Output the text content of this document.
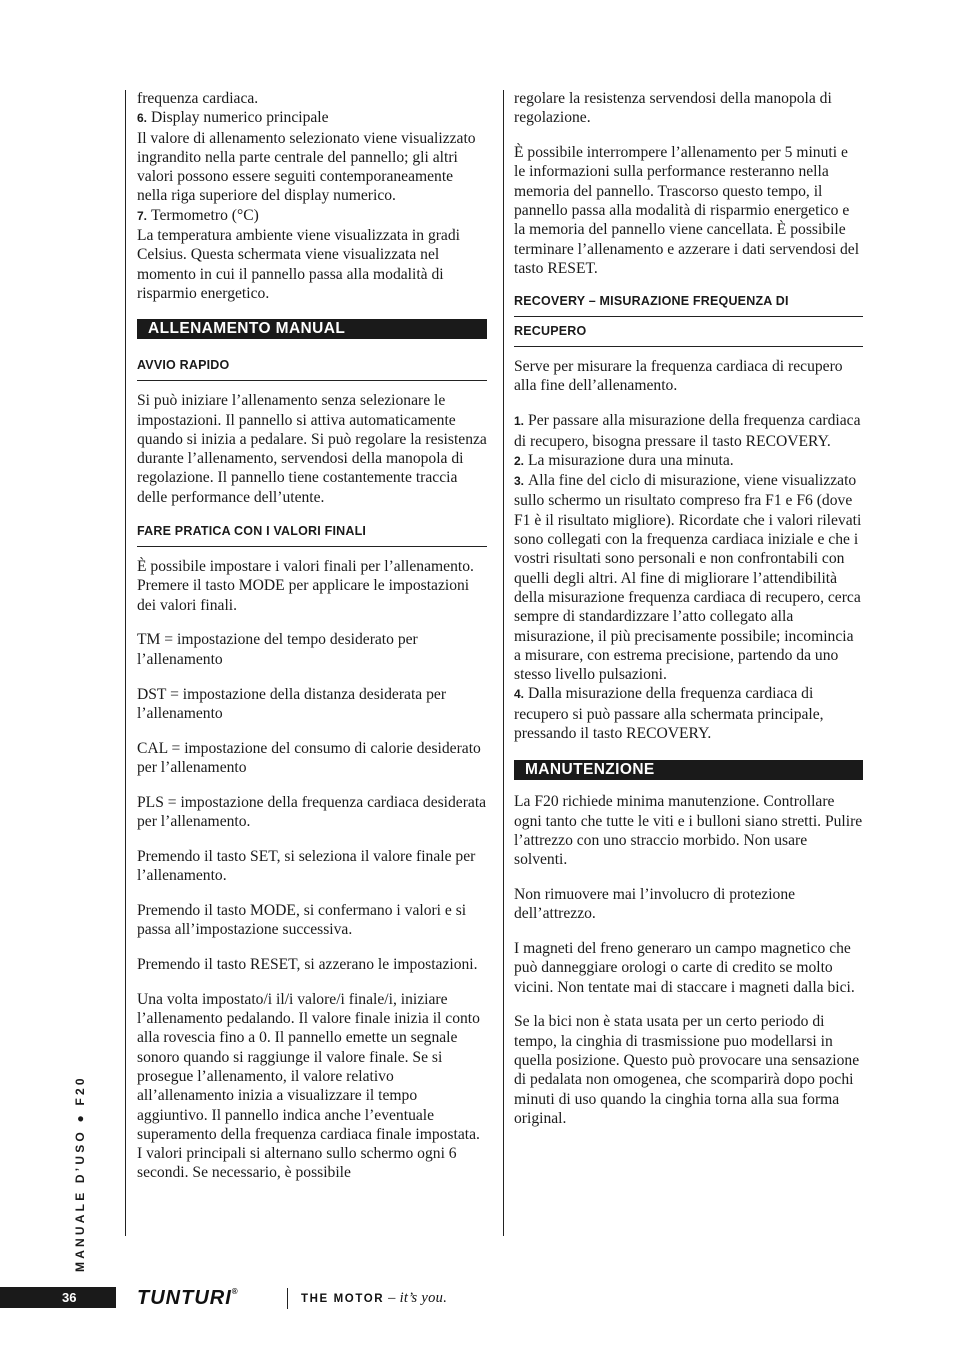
frequenza cardiaca.
6. Display numerico principale
Il valore di allenamento selezionato viene visualizzato ingrandito nella parte centrale del pannello; gli altri valori possono essere seguiti contemporaneamente nella riga superiore del display numerico.
7. Termometro (°C)
La temperatura ambiente viene visualizzata in gradi Celsius. Questa schermata viene visualizzata nel momento in cui il pannello passa alla modalità di risparmio energetico.
ALLENAMENTO MANUAL
AVVIO RAPIDO
Si può iniziare l’allenamento senza selezionare le impostazioni. Il pannello si attiva automaticamente quando si inizia a pedalare. Si può regolare la resistenza durante l’allenamento, servendosi della manopola di regolazione. Il pannello tiene costantemente traccia delle performance dell’utente.
FARE PRATICA CON I VALORI FINALI
È possibile impostare i valori finali per l’allenamento. Premere il tasto MODE per applicare le impostazioni dei valori finali.
TM = impostazione del tempo desiderato per l’allenamento
DST = impostazione della distanza desiderata per l’allenamento
CAL = impostazione del consumo di calorie desiderato per l’allenamento
PLS = impostazione della frequenza cardiaca desiderata per l’allenamento.
Premendo il tasto SET, si seleziona il valore finale per l’allenamento.
Premendo il tasto MODE, si confermano i valori e si passa all’impostazione successiva.
Premendo il tasto RESET, si azzerano le impostazioni.
Una volta impostato/i il/i valore/i finale/i, iniziare l’allenamento pedalando. Il valore finale inizia il conto alla rovescia fino a 0. Il pannello emette un segnale sonoro quando si raggiunge il valore finale. Se si prosegue l’allenamento, il valore relativo all’allenamento inizia a visualizzare il tempo aggiuntivo. Il pannello indica anche l’eventuale superamento della frequenza cardiaca finale impostata. I valori principali si alternano sullo schermo ogni 6 secondi. Se necessario, è possibile
regolare la resistenza servendosi della manopola di regolazione.
È possibile interrompere l’allenamento per 5 minuti e le informazioni sulla performance resteranno nella memoria del pannello. Trascorso questo tempo, il pannello passa alla modalità di risparmio energetico e la memoria del pannello viene cancellata. È possibile terminare l’allenamento e azzerare i dati servendosi del tasto RESET.
RECOVERY – MISURAZIONE FREQUENZA DI
RECUPERO
Serve per misurare la frequenza cardiaca di recupero alla fine dell’allenamento.
1. Per passare alla misurazione della frequenza cardiaca di recupero, bisogna pressare il tasto RECOVERY.
2. La misurazione dura una minuta.
3. Alla fine del ciclo di misurazione, viene visualizzato sullo schermo un risultato compreso fra F1 e F6 (dove F1 è il risultato migliore). Ricordate che i valori rilevati sono collegati con la frequenza cardiaca iniziale e che i vostri risultati sono personali e non confrontabili con quelli degli altri. Al fine di migliorare l’attendibilità della misurazione frequenza cardiaca di recupero, cerca sempre di standardizzare l’atto collegato alla misurazione, il più precisamente possibile; incomincia a misurare, con estrema precisione, partendo da uno stesso livello pulsazioni.
4. Dalla misurazione della frequenza cardiaca di recupero si può passare alla schermata principale, pressando il tasto RECOVERY.
MANUTENZIONE
La F20 richiede minima manutenzione. Controllare ogni tanto che tutte le viti e i bulloni siano stretti. Pulire l’attrezzo con uno straccio morbido. Non usare solventi.
Non rimuovere mai l’involucro di protezione dell’attrezzo.
I magneti del freno generaro un campo magnetico che può danneggiare orologi o carte di credito se molto vicini. Non tentate mai di staccare i magneti dalla bici.
Se la bici non è stata usata per un certo periodo di tempo, la cinghia di trasmissione puo modellarsi in quella posizione. Questo può provocare una sensazione di pedalata non omogenea, che scomparirà dopo pochi minuti di uso quando la cinghia torna alla sua forma original.
MANUALE D’USO ● F20
36	TUNTURI®
THE MOTOR – it’s you.
